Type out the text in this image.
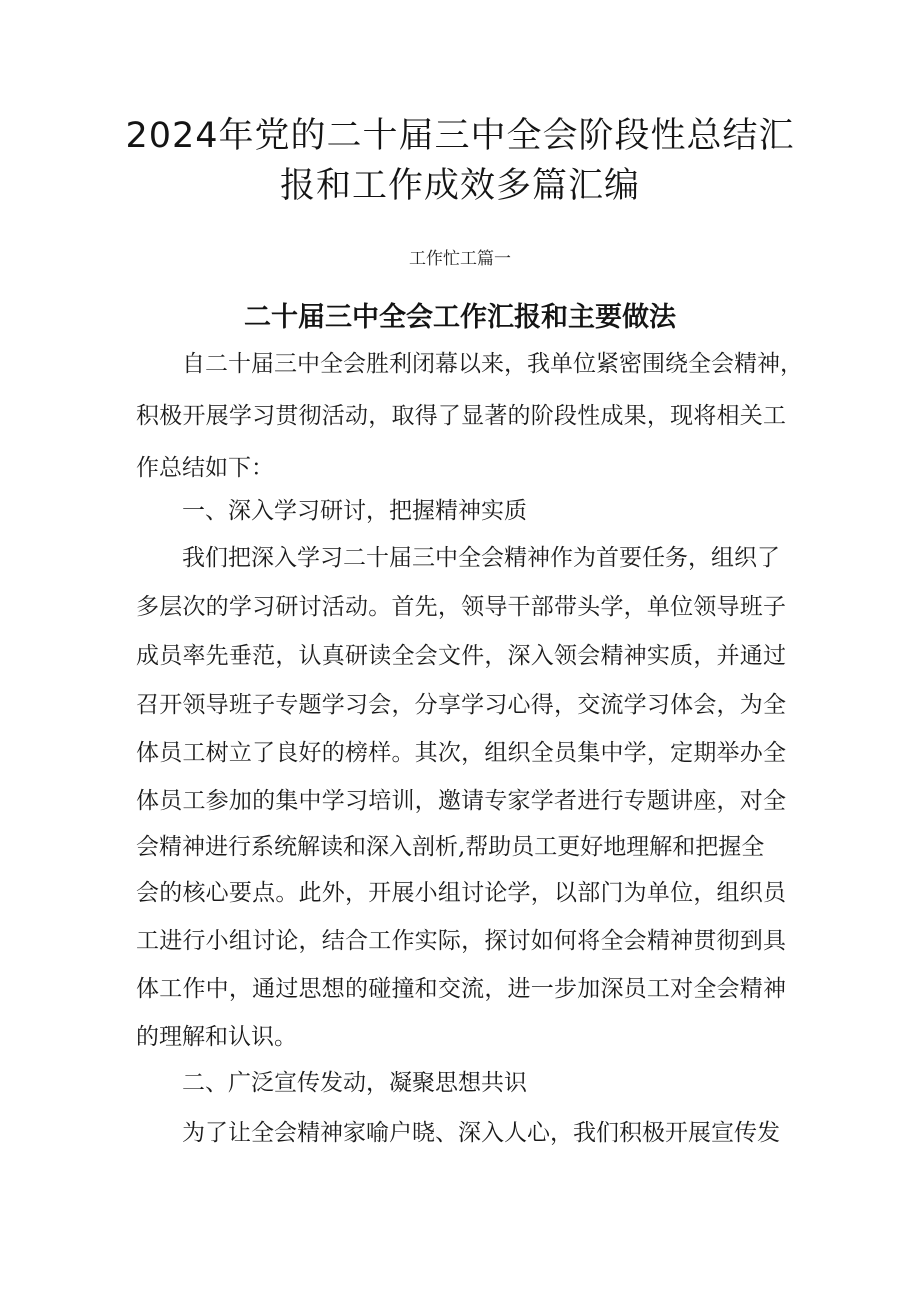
2024年党的二十届三中全会阶段性总结汇
报和工作成效多篇汇编
工作忙工篇一
二十届三中全会工作汇报和主要做法
自二十届三中全会胜利闭幕以来，我单位紧密围绕全会精神，
积极开展学习贯彻活动，取得了显著的阶段性成果，现将相关工
作总结如下：
一、深入学习研讨，把握精神实质
我们把深入学习二十届三中全会精神作为首要任务，组织了
多层次的学习研讨活动。首先，领导干部带头学，单位领导班子
成员率先垂范，认真研读全会文件，深入领会精神实质，并通过
召开领导班子专题学习会，分享学习心得，交流学习体会，为全
体员工树立了良好的榜样。其次，组织全员集中学，定期举办全
体员工参加的集中学习培训，邀请专家学者进行专题讲座，对全
会精神进行系统解读和深入剖析,帮助员工更好地理解和把握全
会的核心要点。此外，开展小组讨论学，以部门为单位，组织员
工进行小组讨论，结合工作实际，探讨如何将全会精神贯彻到具
体工作中，通过思想的碰撞和交流，进一步加深员工对全会精神
的理解和认识。
二、广泛宣传发动，凝聚思想共识
为了让全会精神家喻户晓、深入人心，我们积极开展宣传发
